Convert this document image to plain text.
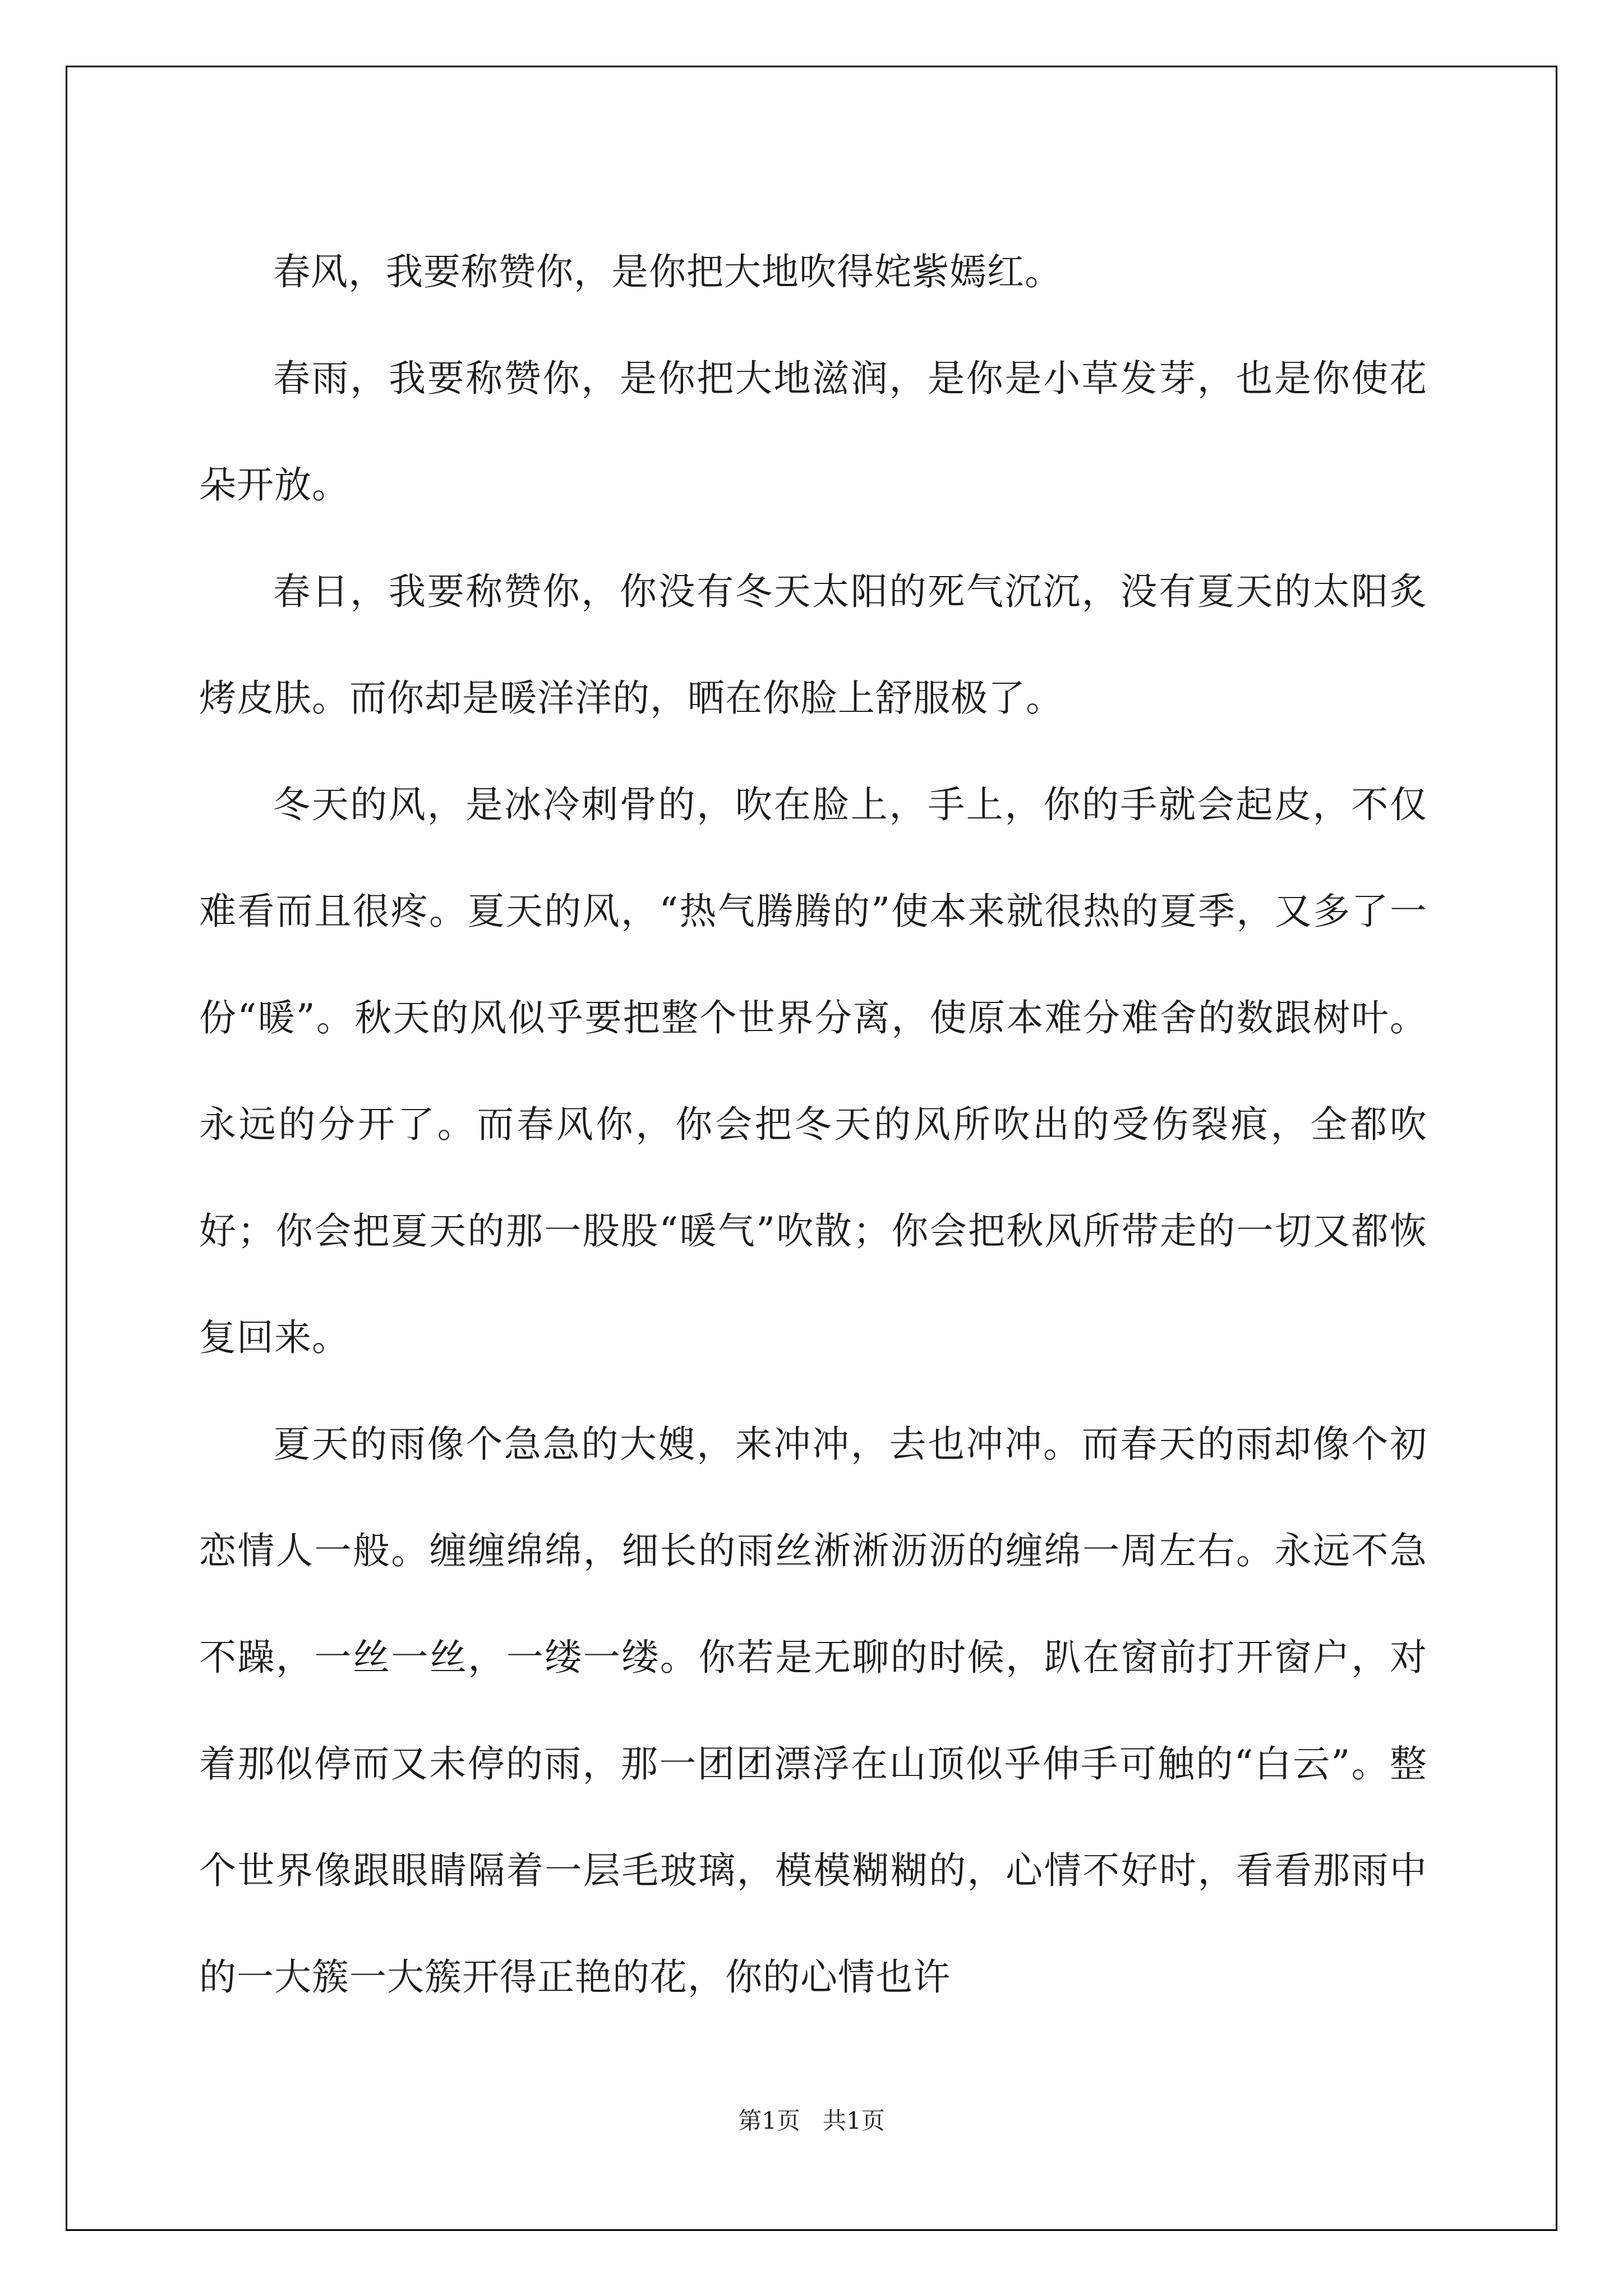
春风，我要称赞你，是你把大地吹得姹紫嫣红。

春雨，我要称赞你，是你把大地滋润，是你是小草发芽，也是你使花朵开放。

春日，我要称赞你，你没有冬天太阳的死气沉沉，没有夏天的太阳炙烤皮肤。而你却是暖洋洋的，晒在你脸上舒服极了。

冬天的风，是冰冷刺骨的，吹在脸上，手上，你的手就会起皮，不仅难看而且很疼。夏天的风，“热气腾腾的”使本来就很热的夏季，又多了一份“暖”。秋天的风似乎要把整个世界分离，使原本难分难舍的数跟树叶。永远的分开了。而春风你，你会把冬天的风所吹出的受伤裂痕，全都吹好；你会把夏天的那一股股“暖气”吹散；你会把秋风所带走的一切又都恢复回来。

夏天的雨像个急急的大嫂，来冲冲，去也冲冲。而春天的雨却像个初恋情人一般。缠缠绵绵，细长的雨丝淅淅沥沥的缠绵一周左右。永远不急不躁，一丝一丝，一缕一缕。你若是无聊的时候，趴在窗前打开窗户，对着那似停而又未停的雨，那一团团漂浮在山顶似乎伸手可触的“白云”。整个世界像跟眼睛隔着一层毛玻璃，模模糊糊的，心情不好时，看看那雨中的一大簇一大簇开得正艳的花，你的心情也许

第1页 共1页
